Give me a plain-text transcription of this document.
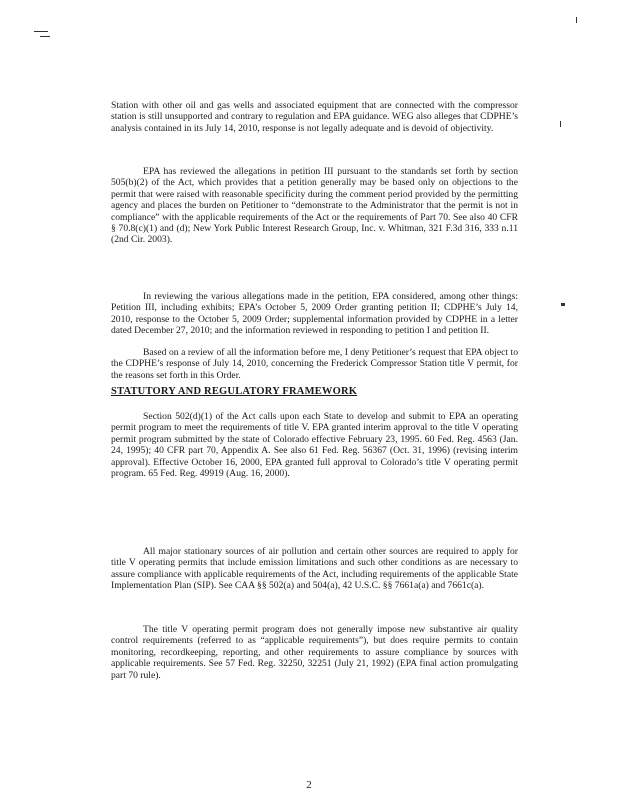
Station with other oil and gas wells and associated equipment that are connected with the compressor station is still unsupported and contrary to regulation and EPA guidance. WEG also alleges that CDPHE’s analysis contained in its July 14, 2010, response is not legally adequate and is devoid of objectivity.

EPA has reviewed the allegations in petition III pursuant to the standards set forth by section 505(b)(2) of the Act, which provides that a petition generally may be based only on objections to the permit that were raised with reasonable specificity during the comment period provided by the permitting agency and places the burden on Petitioner to “demonstrate to the Administrator that the permit is not in compliance” with the applicable requirements of the Act or the requirements of Part 70. See also 40 CFR § 70.8(c)(1) and (d); New York Public Interest Research Group, Inc. v. Whitman, 321 F.3d 316, 333 n.11 (2nd Cir. 2003).

In reviewing the various allegations made in the petition, EPA considered, among other things: Petition III, including exhibits; EPA’s October 5, 2009 Order granting petition II; CDPHE’s July 14, 2010, response to the October 5, 2009 Order; supplemental information provided by CDPHE in a letter dated December 27, 2010; and the information reviewed in responding to petition I and petition II.

Based on a review of all the information before me, I deny Petitioner’s request that EPA object to the CDPHE’s response of July 14, 2010, concerning the Frederick Compressor Station title V permit, for the reasons set forth in this Order.

STATUTORY AND REGULATORY FRAMEWORK

Section 502(d)(1) of the Act calls upon each State to develop and submit to EPA an operating permit program to meet the requirements of title V. EPA granted interim approval to the title V operating permit program submitted by the state of Colorado effective February 23, 1995. 60 Fed. Reg. 4563 (Jan. 24, 1995); 40 CFR part 70, Appendix A. See also 61 Fed. Reg. 56367 (Oct. 31, 1996) (revising interim approval). Effective October 16, 2000, EPA granted full approval to Colorado’s title V operating permit program. 65 Fed. Reg. 49919 (Aug. 16, 2000).

All major stationary sources of air pollution and certain other sources are required to apply for title V operating permits that include emission limitations and such other conditions as are necessary to assure compliance with applicable requirements of the Act, including requirements of the applicable State Implementation Plan (SIP). See CAA §§ 502(a) and 504(a), 42 U.S.C. §§ 7661a(a) and 7661c(a).

The title V operating permit program does not generally impose new substantive air quality control requirements (referred to as “applicable requirements”), but does require permits to contain monitoring, recordkeeping, reporting, and other requirements to assure compliance by sources with applicable requirements. See 57 Fed. Reg. 32250, 32251 (July 21, 1992) (EPA final action promulgating part 70 rule).

2
